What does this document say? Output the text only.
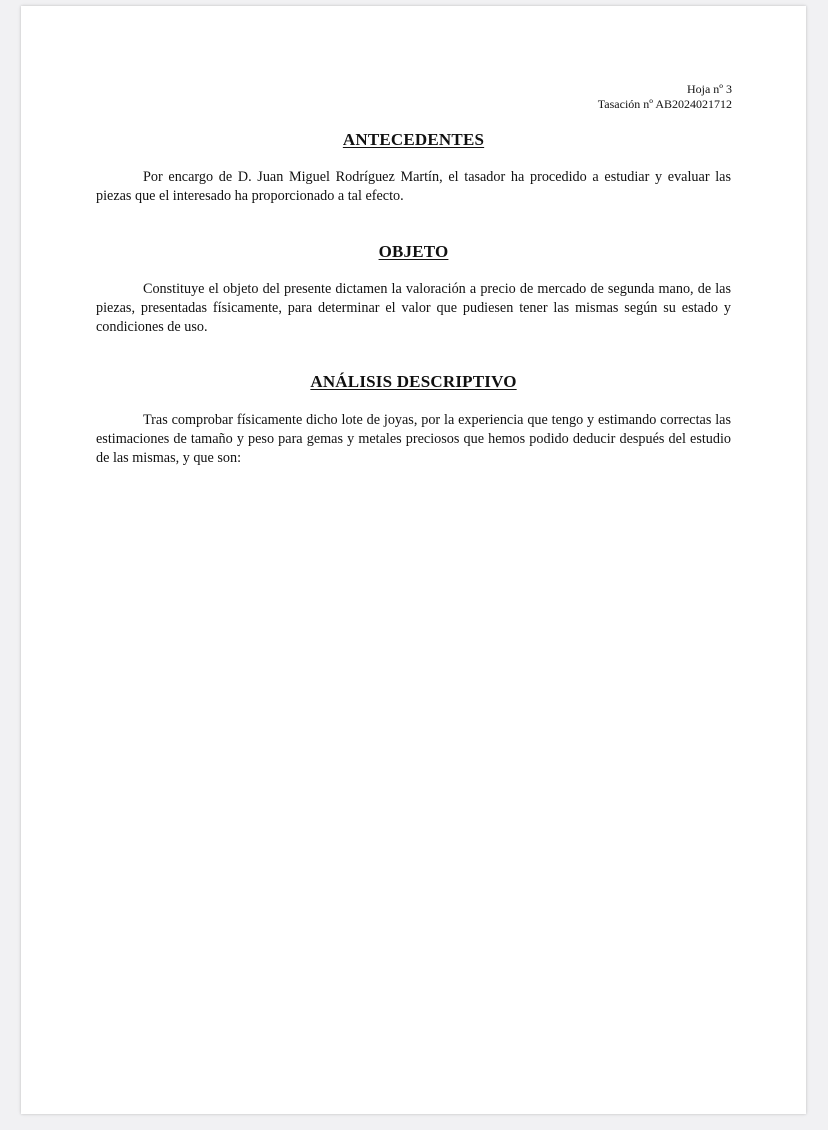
Hoja nº 3
Tasación nº AB2024021712
ANTECEDENTES
Por encargo de D. Juan Miguel Rodríguez Martín, el tasador ha procedido a estudiar y evaluar las piezas que el interesado ha proporcionado a tal efecto.
OBJETO
Constituye el objeto del presente dictamen la valoración a precio de mercado de segunda mano, de las piezas, presentadas físicamente, para determinar el valor que pudiesen tener las mismas según su estado y condiciones de uso.
ANÁLISIS DESCRIPTIVO
Tras comprobar físicamente dicho lote de joyas, por la experiencia que tengo y estimando correctas las estimaciones de tamaño y peso para gemas y metales preciosos que hemos podido deducir después del estudio de las mismas, y que son:
